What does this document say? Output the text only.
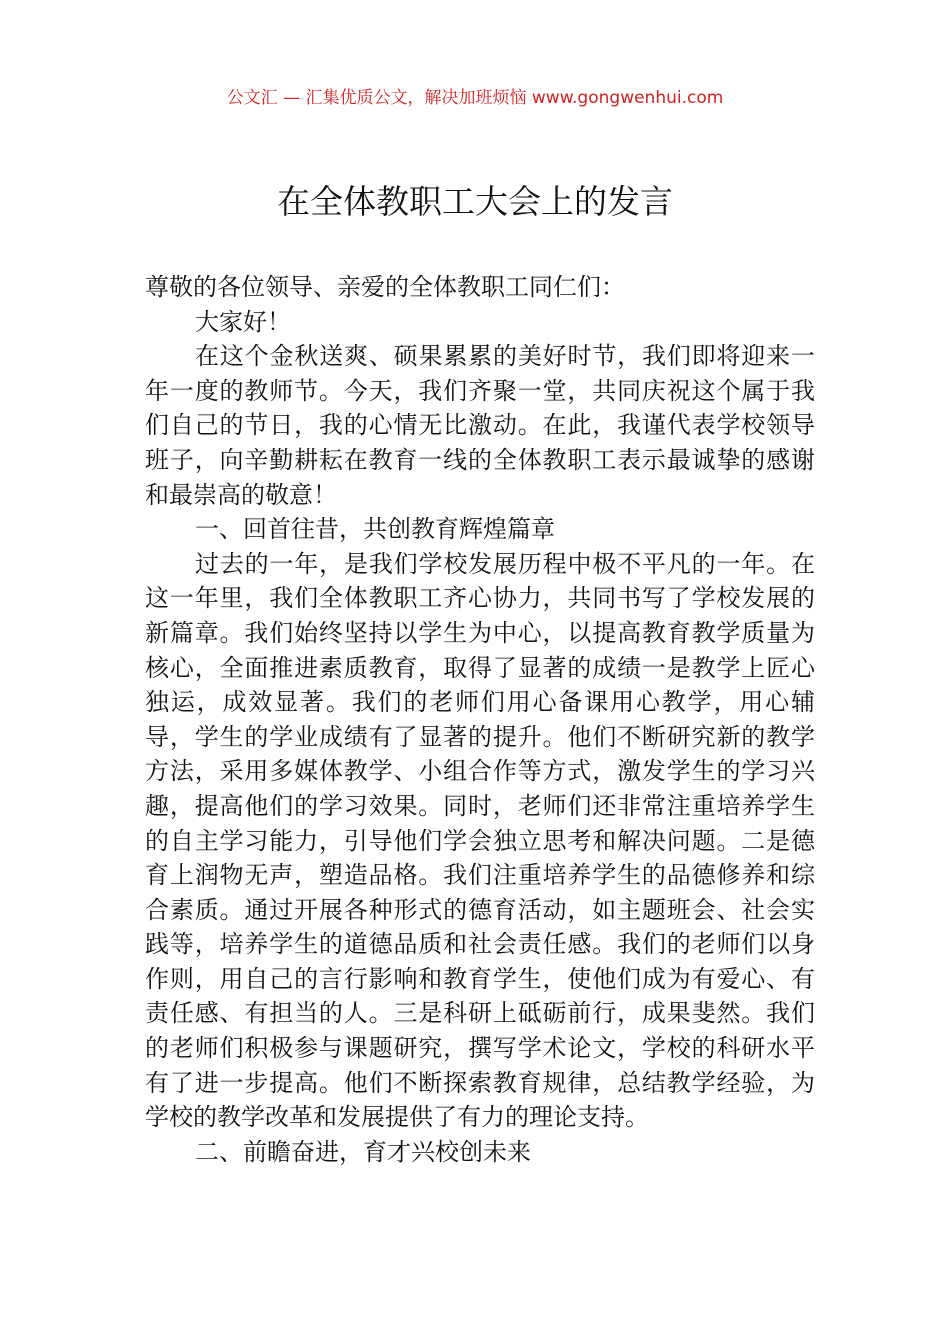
公文汇 — 汇集优质公文，解决加班烦恼 www.gongwenhui.com
在全体教职工大会上的发言

尊敬的各位领导、亲爱的全体教职工同仁们：

大家好！

在这个金秋送爽、硕果累累的美好时节，我们即将迎来一年一度的教师节。今天，我们齐聚一堂，共同庆祝这个属于我们自己的节日，我的心情无比激动。在此，我谨代表学校领导班子，向辛勤耕耘在教育一线的全体教职工表示最诚挚的感谢和最崇高的敬意！

一、回首往昔，共创教育辉煌篇章

过去的一年，是我们学校发展历程中极不平凡的一年。在这一年里，我们全体教职工齐心协力，共同书写了学校发展的新篇章。我们始终坚持以学生为中心，以提高教育教学质量为核心，全面推进素质教育，取得了显著的成绩一是教学上匠心独运，成效显著。我们的老师们用心备课用心教学，用心辅导，学生的学业成绩有了显著的提升。他们不断研究新的教学方法，采用多媒体教学、小组合作等方式，激发学生的学习兴趣，提高他们的学习效果。同时，老师们还非常注重培养学生的自主学习能力，引导他们学会独立思考和解决问题。二是德育上润物无声，塑造品格。我们注重培养学生的品德修养和综合素质。通过开展各种形式的德育活动，如主题班会、社会实践等，培养学生的道德品质和社会责任感。我们的老师们以身作则，用自己的言行影响和教育学生，使他们成为有爱心、有责任感、有担当的人。三是科研上砥砺前行，成果斐然。我们的老师们积极参与课题研究，撰写学术论文，学校的科研水平有了进一步提高。他们不断探索教育规律，总结教学经验，为学校的教学改革和发展提供了有力的理论支持。

二、前瞻奋进，育才兴校创未来
